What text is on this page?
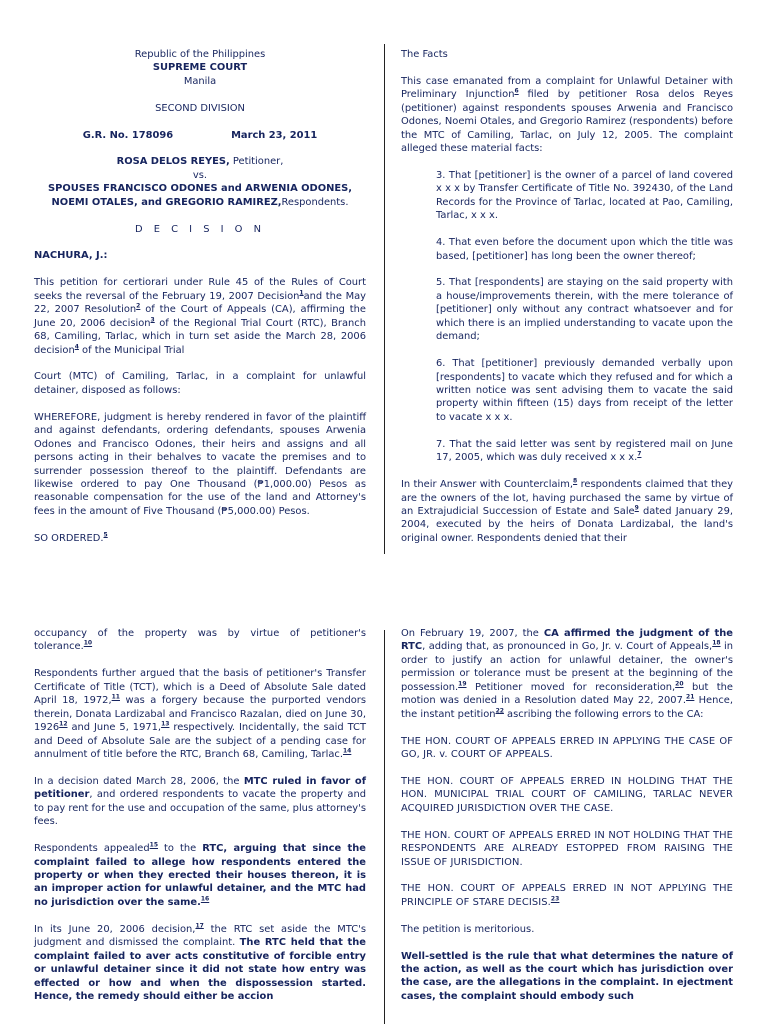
Republic of the Philippines
SUPREME COURT
Manila
SECOND DIVISION
G.R. No. 178096	March 23, 2011
ROSA DELOS REYES, Petitioner,
vs.
SPOUSES FRANCISCO ODONES and ARWENIA ODONES, NOEMI OTALES, and GREGORIO RAMIREZ,Respondents.
D E C I S I O N
NACHURA, J.:

This petition for certiorari under Rule 45 of the Rules of Court seeks the reversal of the February 19, 2007 Decision$^1$and the May 22, 2007 Resolution$^2$ of the Court of Appeals (CA), affirming the June 20, 2006 decision$^3$ of the Regional Trial Court (RTC), Branch 68, Camiling, Tarlac, which in turn set aside the March 28, 2006 decision$^4$ of the Municipal Trial

Court (MTC) of Camiling, Tarlac, in a complaint for unlawful detainer, disposed as follows:

WHEREFORE, judgment is hereby rendered in favor of the plaintiff and against defendants, ordering defendants, spouses Arwenia Odones and Francisco Odones, their heirs and assigns and all persons acting in their behalves to vacate the premises and to surrender possession thereof to the plaintiff. Defendants are likewise ordered to pay One Thousand (₱1,000.00) Pesos as reasonable compensation for the use of the land and Attorney's fees in the amount of Five Thousand (₱5,000.00) Pesos.

SO ORDERED.$^5$

The Facts

This case emanated from a complaint for Unlawful Detainer with Preliminary Injunction$^6$ filed by petitioner Rosa delos Reyes (petitioner) against respondents spouses Arwenia and Francisco Odones, Noemi Otales, and Gregorio Ramirez (respondents) before the MTC of Camiling, Tarlac, on July 12, 2005. The complaint alleged these material facts:

3. That [petitioner] is the owner of a parcel of land covered x x x by Transfer Certificate of Title No. 392430, of the Land Records for the Province of Tarlac, located at Pao, Camiling, Tarlac, x x x.

4. That even before the document upon which the title was based, [petitioner] has long been the owner thereof;

5. That [respondents] are staying on the said property with a house/improvements therein, with the mere tolerance of [petitioner] only without any contract whatsoever and for which there is an implied understanding to vacate upon the demand;

6. That [petitioner] previously demanded verbally upon [respondents] to vacate which they refused and for which a written notice was sent advising them to vacate the said property within fifteen (15) days from receipt of the letter to vacate x x x.

7. That the said letter was sent by registered mail on June 17, 2005, which was duly received x x x.$^7$

In their Answer with Counterclaim,$^8$ respondents claimed that they are the owners of the lot, having purchased the same by virtue of an Extrajudicial Succession of Estate and Sale$^9$ dated January 29, 2004, executed by the heirs of Donata Lardizabal, the land's original owner. Respondents denied that their

occupancy of the property was by virtue of petitioner's tolerance.$^{10}$

Respondents further argued that the basis of petitioner's Transfer Certificate of Title (TCT), which is a Deed of Absolute Sale dated April 18, 1972,11 was a forgery because the purported vendors therein, Donata Lardizabal and Francisco Razalan, died on June 30, 1926$^{12}$ and June 5, 1971,13 respectively. Incidentally, the said TCT and Deed of Absolute Sale are the subject of a pending case for annulment of title before the RTC, Branch 68, Camiling, Tarlac.$^{14}$

In a decision dated March 28, 2006, the MTC ruled in favor of petitioner, and ordered respondents to vacate the property and to pay rent for the use and occupation of the same, plus attorney's fees.

Respondents appealed$^{15}$ to the RTC, arguing that since the complaint failed to allege how respondents entered the property or when they erected their houses thereon, it is an improper action for unlawful detainer, and the MTC had no jurisdiction over the same.$^{16}$

In its June 20, 2006 decision,$^{17}$ the RTC set aside the MTC's judgment and dismissed the complaint. The RTC held that the complaint failed to aver acts constitutive of forcible entry or unlawful detainer since it did not state how entry was effected or how and when the dispossession started. Hence, the remedy should either be accion

On February 19, 2007, the CA affirmed the judgment of the RTC, adding that, as pronounced in Go, Jr. v. Court of Appeals,$^{18}$ in order to justify an action for unlawful detainer, the owner's permission or tolerance must be present at the beginning of the possession.$^{19}$ Petitioner moved for reconsideration,$^{20}$ but the motion was denied in a Resolution dated May 22, 2007.21 Hence, the instant petition$^{22}$ ascribing the following errors to the CA:

THE HON. COURT OF APPEALS ERRED IN APPLYING THE CASE OF GO, JR. v. COURT OF APPEALS.

THE HON. COURT OF APPEALS ERRED IN HOLDING THAT THE HON. MUNICIPAL TRIAL COURT OF CAMILING, TARLAC NEVER ACQUIRED JURISDICTION OVER THE CASE.

THE HON. COURT OF APPEALS ERRED IN NOT HOLDING THAT THE RESPONDENTS ARE ALREADY ESTOPPED FROM RAISING THE ISSUE OF JURISDICTION.

THE HON. COURT OF APPEALS ERRED IN NOT APPLYING THE PRINCIPLE OF STARE DECISIS.$^{23}$

The petition is meritorious.

Well-settled is the rule that what determines the nature of the action, as well as the court which has jurisdiction over the case, are the allegations in the complaint. In ejectment cases, the complaint should embody such
